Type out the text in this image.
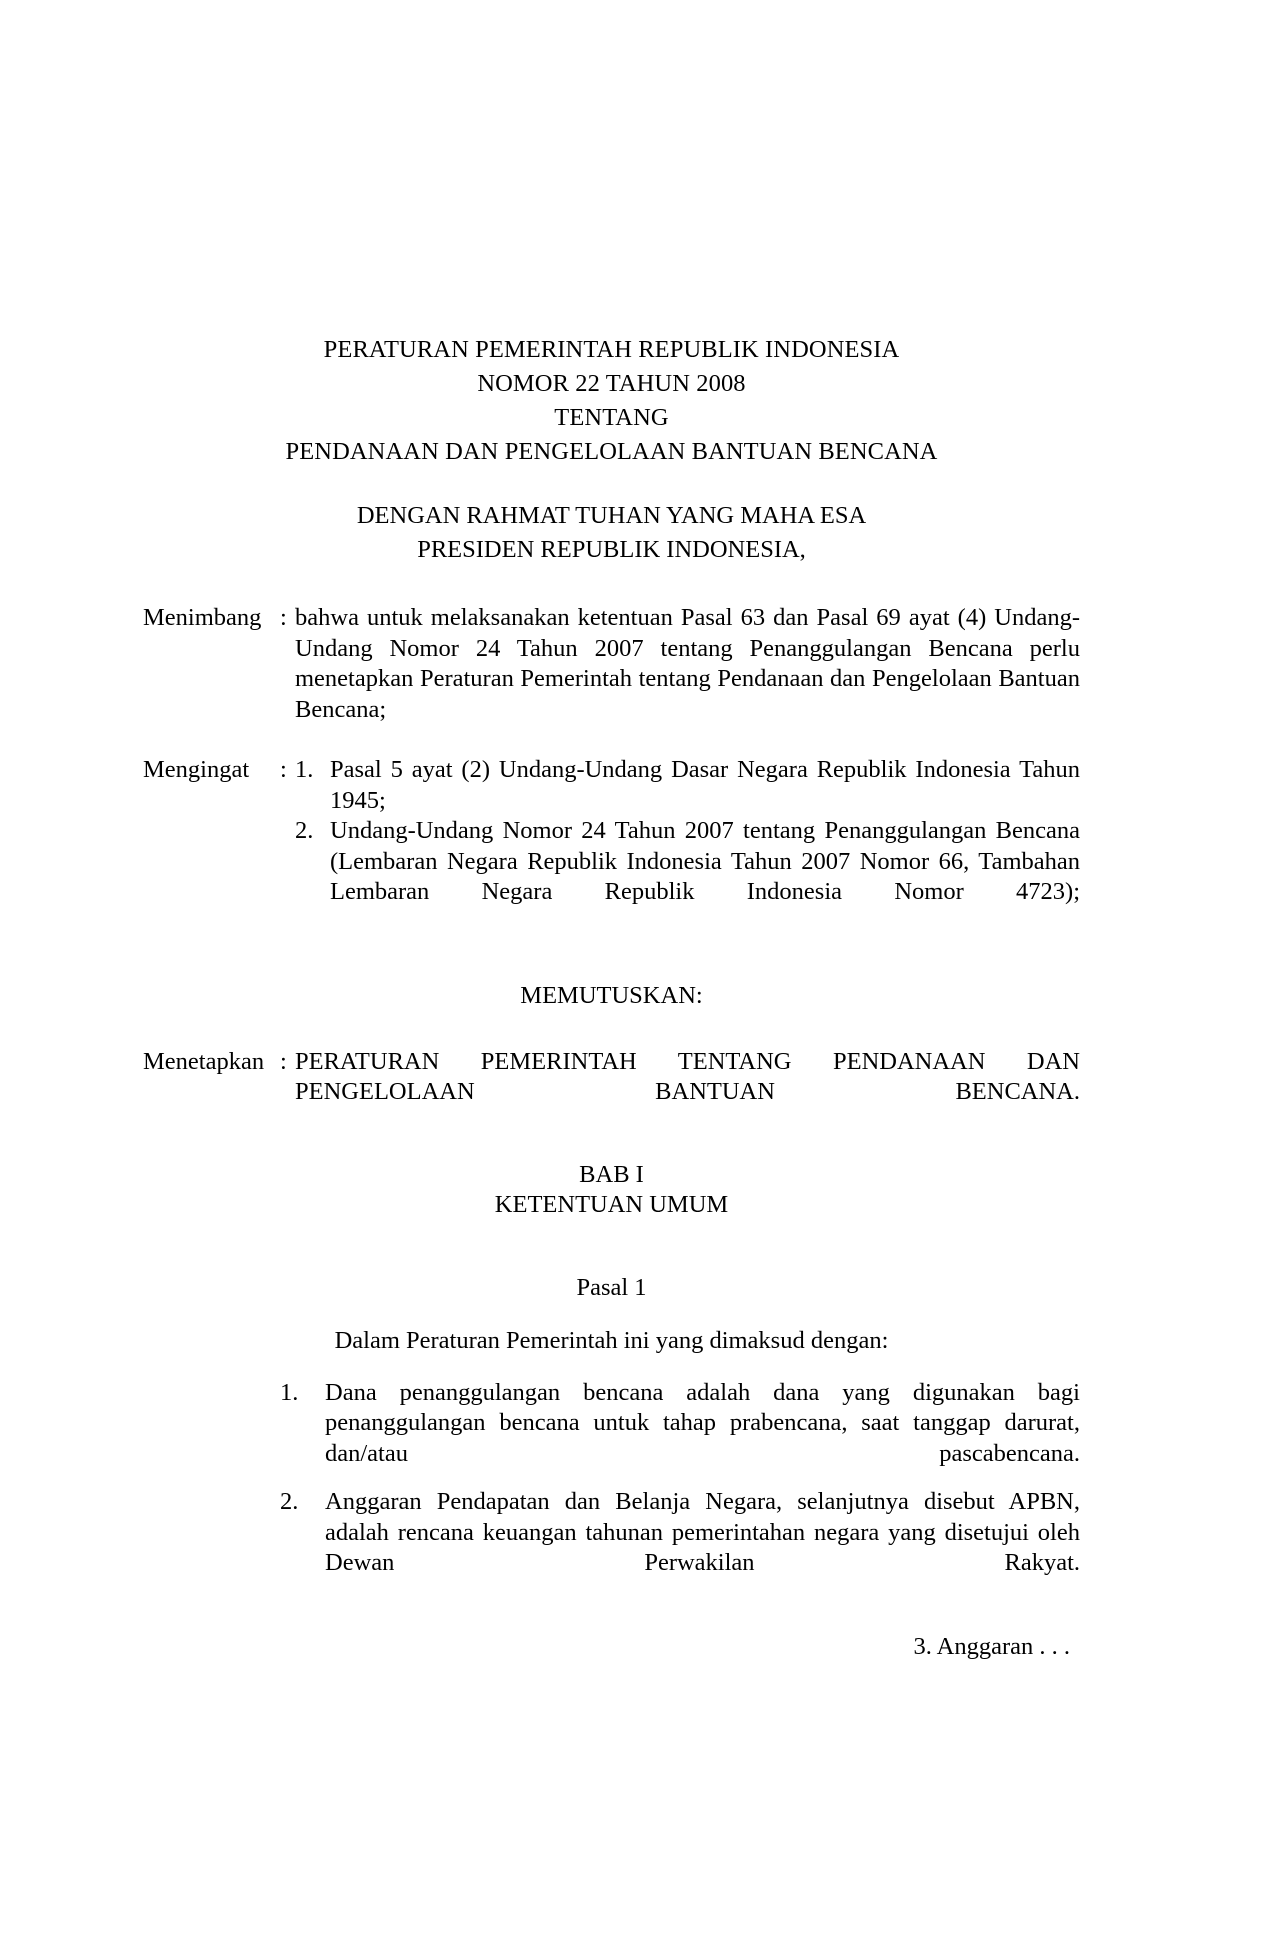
PERATURAN PEMERINTAH REPUBLIK INDONESIA
NOMOR 22 TAHUN 2008
TENTANG
PENDANAAN DAN PENGELOLAAN BANTUAN BENCANA
DENGAN RAHMAT TUHAN YANG MAHA ESA
PRESIDEN REPUBLIK INDONESIA,
Menimbang : bahwa untuk melaksanakan ketentuan Pasal 63 dan Pasal 69 ayat (4) Undang-Undang Nomor 24 Tahun 2007 tentang Penanggulangan Bencana perlu menetapkan Peraturan Pemerintah tentang Pendanaan dan Pengelolaan Bantuan Bencana;

Mengingat	: 1. Pasal 5 ayat (2) Undang-Undang Dasar Negara Republik Indonesia Tahun 1945;

2. Undang-Undang Nomor 24 Tahun 2007 tentang Penanggulangan Bencana (Lembaran Negara Republik Indonesia Tahun 2007 Nomor 66, Tambahan Lembaran Negara Republik Indonesia Nomor 4723);

MEMUTUSKAN:
Menetapkan : PERATURAN PEMERINTAH TENTANG PENDANAAN DAN PENGELOLAAN BANTUAN BENCANA.

BAB I
KETENTUAN UMUM
Pasal 1
Dalam Peraturan Pemerintah ini yang dimaksud dengan:
1.	Dana penanggulangan bencana adalah dana yang digunakan bagi penanggulangan bencana untuk tahap prabencana, saat tanggap darurat, dan/atau pascabencana.

2.	Anggaran Pendapatan dan Belanja Negara, selanjutnya disebut APBN, adalah rencana keuangan tahunan pemerintahan negara yang disetujui oleh Dewan Perwakilan Rakyat.

3. Anggaran . . .
